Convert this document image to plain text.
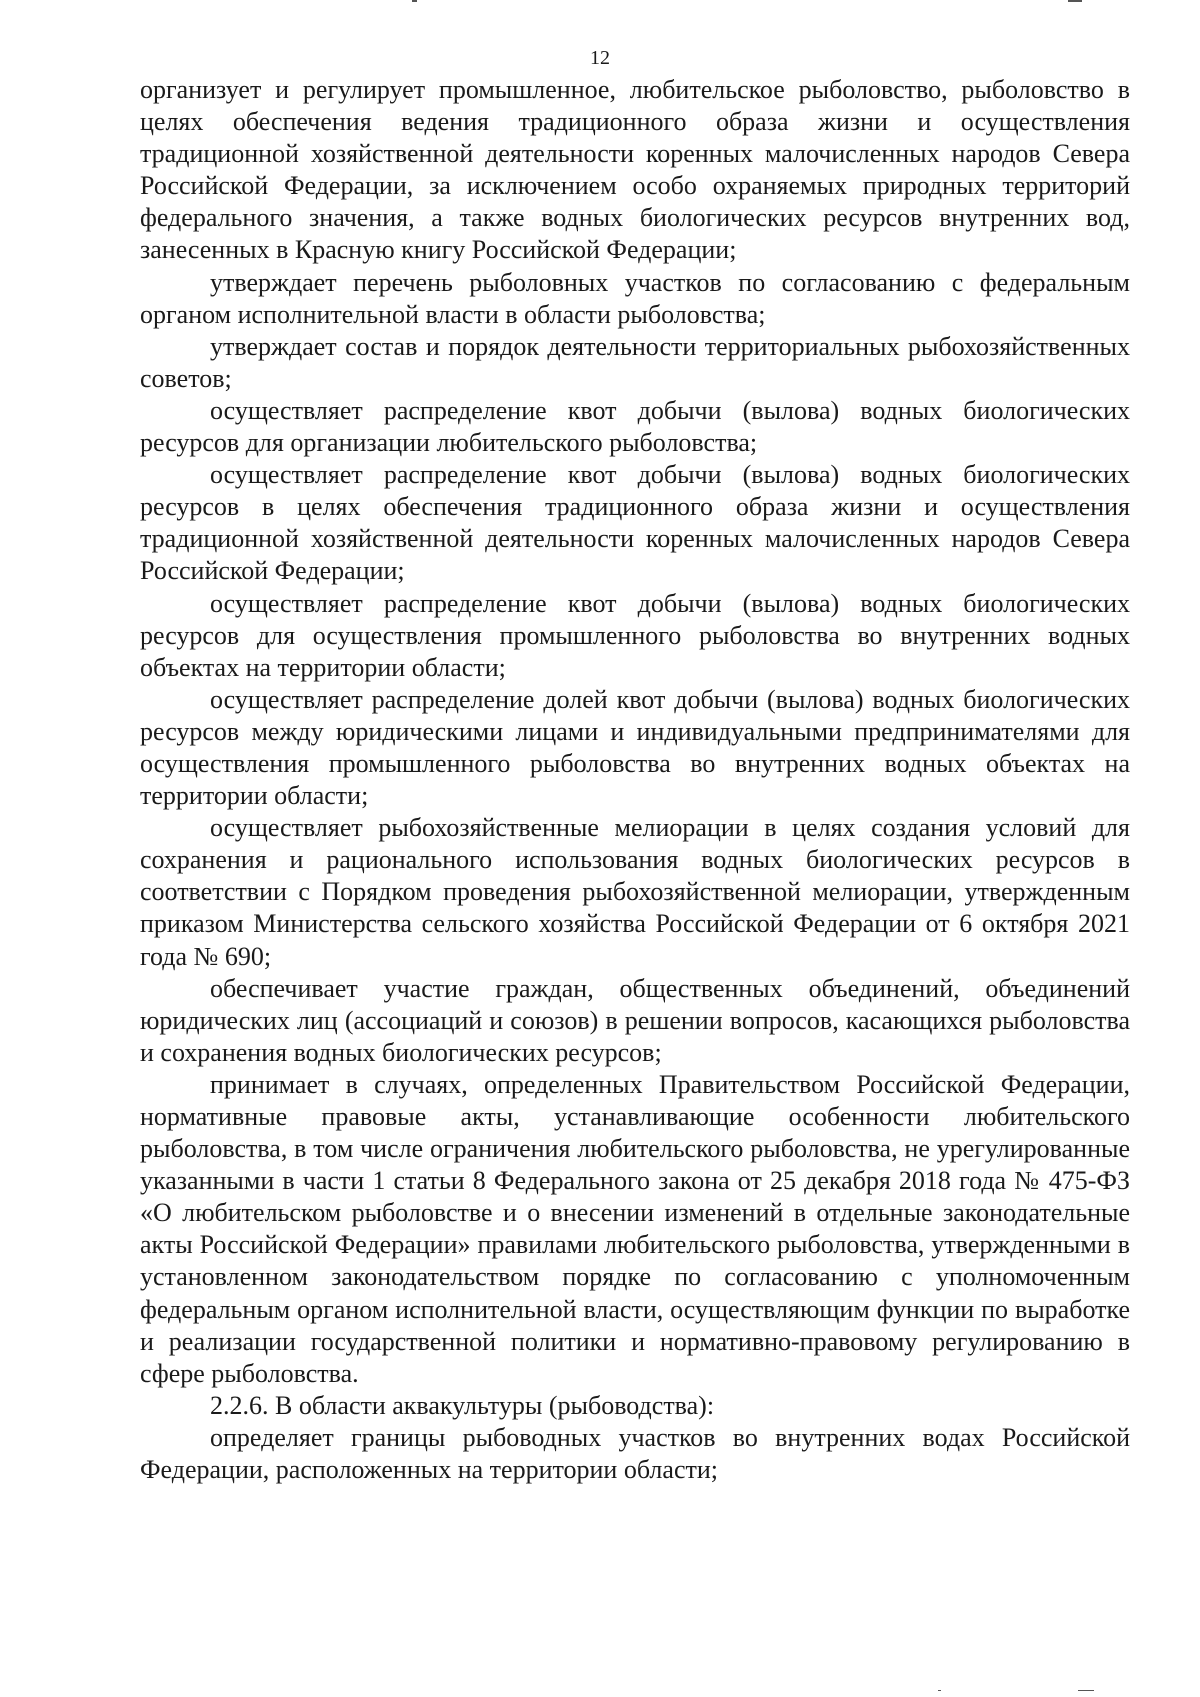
12

организует и регулирует промышленное, любительское рыболовство, рыболовство в целях обеспечения ведения традиционного образа жизни и осуществления традиционной хозяйственной деятельности коренных малочисленных народов Севера Российской Федерации, за исключением особо охраняемых природных территорий федерального значения, а также водных биологических ресурсов внутренних вод, занесенных в Красную книгу Российской Федерации;

утверждает перечень рыболовных участков по согласованию с федеральным органом исполнительной власти в области рыболовства;

утверждает состав и порядок деятельности территориальных рыбохозяйственных советов;

осуществляет распределение квот добычи (вылова) водных биологических ресурсов для организации любительского рыболовства;

осуществляет распределение квот добычи (вылова) водных биологических ресурсов в целях обеспечения традиционного образа жизни и осуществления традиционной хозяйственной деятельности коренных малочисленных народов Севера Российской Федерации;

осуществляет распределение квот добычи (вылова) водных биологических ресурсов для осуществления промышленного рыболовства во внутренних водных объектах на территории области;

осуществляет распределение долей квот добычи (вылова) водных биологических ресурсов между юридическими лицами и индивидуальными предпринимателями для осуществления промышленного рыболовства во внутренних водных объектах на территории области;

осуществляет рыбохозяйственные мелиорации в целях создания условий для сохранения и рационального использования водных биологических ресурсов в соответствии с Порядком проведения рыбохозяйственной мелиорации, утвержденным приказом Министерства сельского хозяйства Российской Федерации от 6 октября 2021 года № 690;

обеспечивает участие граждан, общественных объединений, объединений юридических лиц (ассоциаций и союзов) в решении вопросов, касающихся рыболовства и сохранения водных биологических ресурсов;

принимает в случаях, определенных Правительством Российской Федерации, нормативные правовые акты, устанавливающие особенности любительского рыболовства, в том числе ограничения любительского рыболовства, не урегулированные указанными в части 1 статьи 8 Федерального закона от 25 декабря 2018 года № 475-ФЗ «О любительском рыболовстве и о внесении изменений в отдельные законодательные акты Российской Федерации» правилами любительского рыболовства, утвержденными в установленном законодательством порядке по согласованию с уполномоченным федеральным органом исполнительной власти, осуществляющим функции по выработке и реализации государственной политики и нормативно-правовому регулированию в сфере рыболовства.

2.2.6. В области аквакультуры (рыбоводства):

определяет границы рыбоводных участков во внутренних водах Российской Федерации, расположенных на территории области;
